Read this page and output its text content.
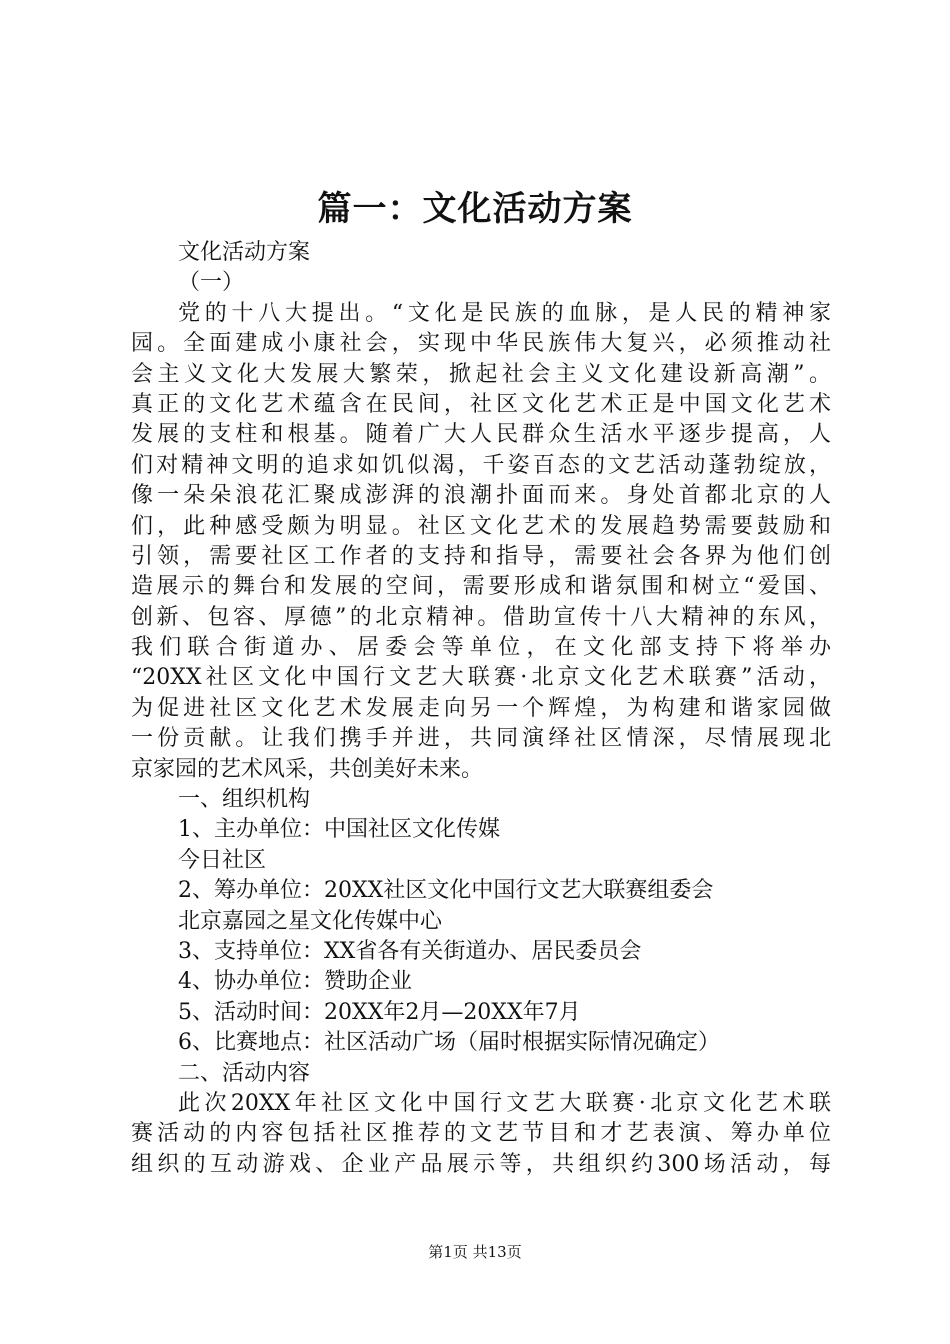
篇一：文化活动方案
文化活动方案
（一）
党的十八大提出。“文化是民族的血脉，是人民的精神家
园。全面建成小康社会，实现中华民族伟大复兴，必须推动社
会主义文化大发展大繁荣，掀起社会主义文化建设新高潮”。
真正的文化艺术蕴含在民间，社区文化艺术正是中国文化艺术
发展的支柱和根基。随着广大人民群众生活水平逐步提高，人
们对精神文明的追求如饥似渴，千姿百态的文艺活动蓬勃绽放，
像一朵朵浪花汇聚成澎湃的浪潮扑面而来。身处首都北京的人
们，此种感受颇为明显。社区文化艺术的发展趋势需要鼓励和
引领，需要社区工作者的支持和指导，需要社会各界为他们创
造展示的舞台和发展的空间，需要形成和谐氛围和树立“爱国、
创新、包容、厚德”的北京精神。借助宣传十八大精神的东风，
我们联合街道办、居委会等单位，在文化部支持下将举办
“20XX社区文化中国行文艺大联赛·北京文化艺术联赛”活动，
为促进社区文化艺术发展走向另一个辉煌，为构建和谐家园做
一份贡献。让我们携手并进，共同演绎社区情深，尽情展现北
京家园的艺术风采，共创美好未来。
一、组织机构
1、主办单位：中国社区文化传媒
今日社区
2、筹办单位：20XX社区文化中国行文艺大联赛组委会
北京嘉园之星文化传媒中心
3、支持单位：XX省各有关街道办、居民委员会
4、协办单位：赞助企业
5、活动时间：20XX年2月—20XX年7月
6、比赛地点：社区活动广场（届时根据实际情况确定）
二、活动内容
此次20XX年社区文化中国行文艺大联赛·北京文化艺术联
赛活动的内容包括社区推荐的文艺节目和才艺表演、筹办单位
组织的互动游戏、企业产品展示等，共组织约300场活动，每
第1页 共13页
